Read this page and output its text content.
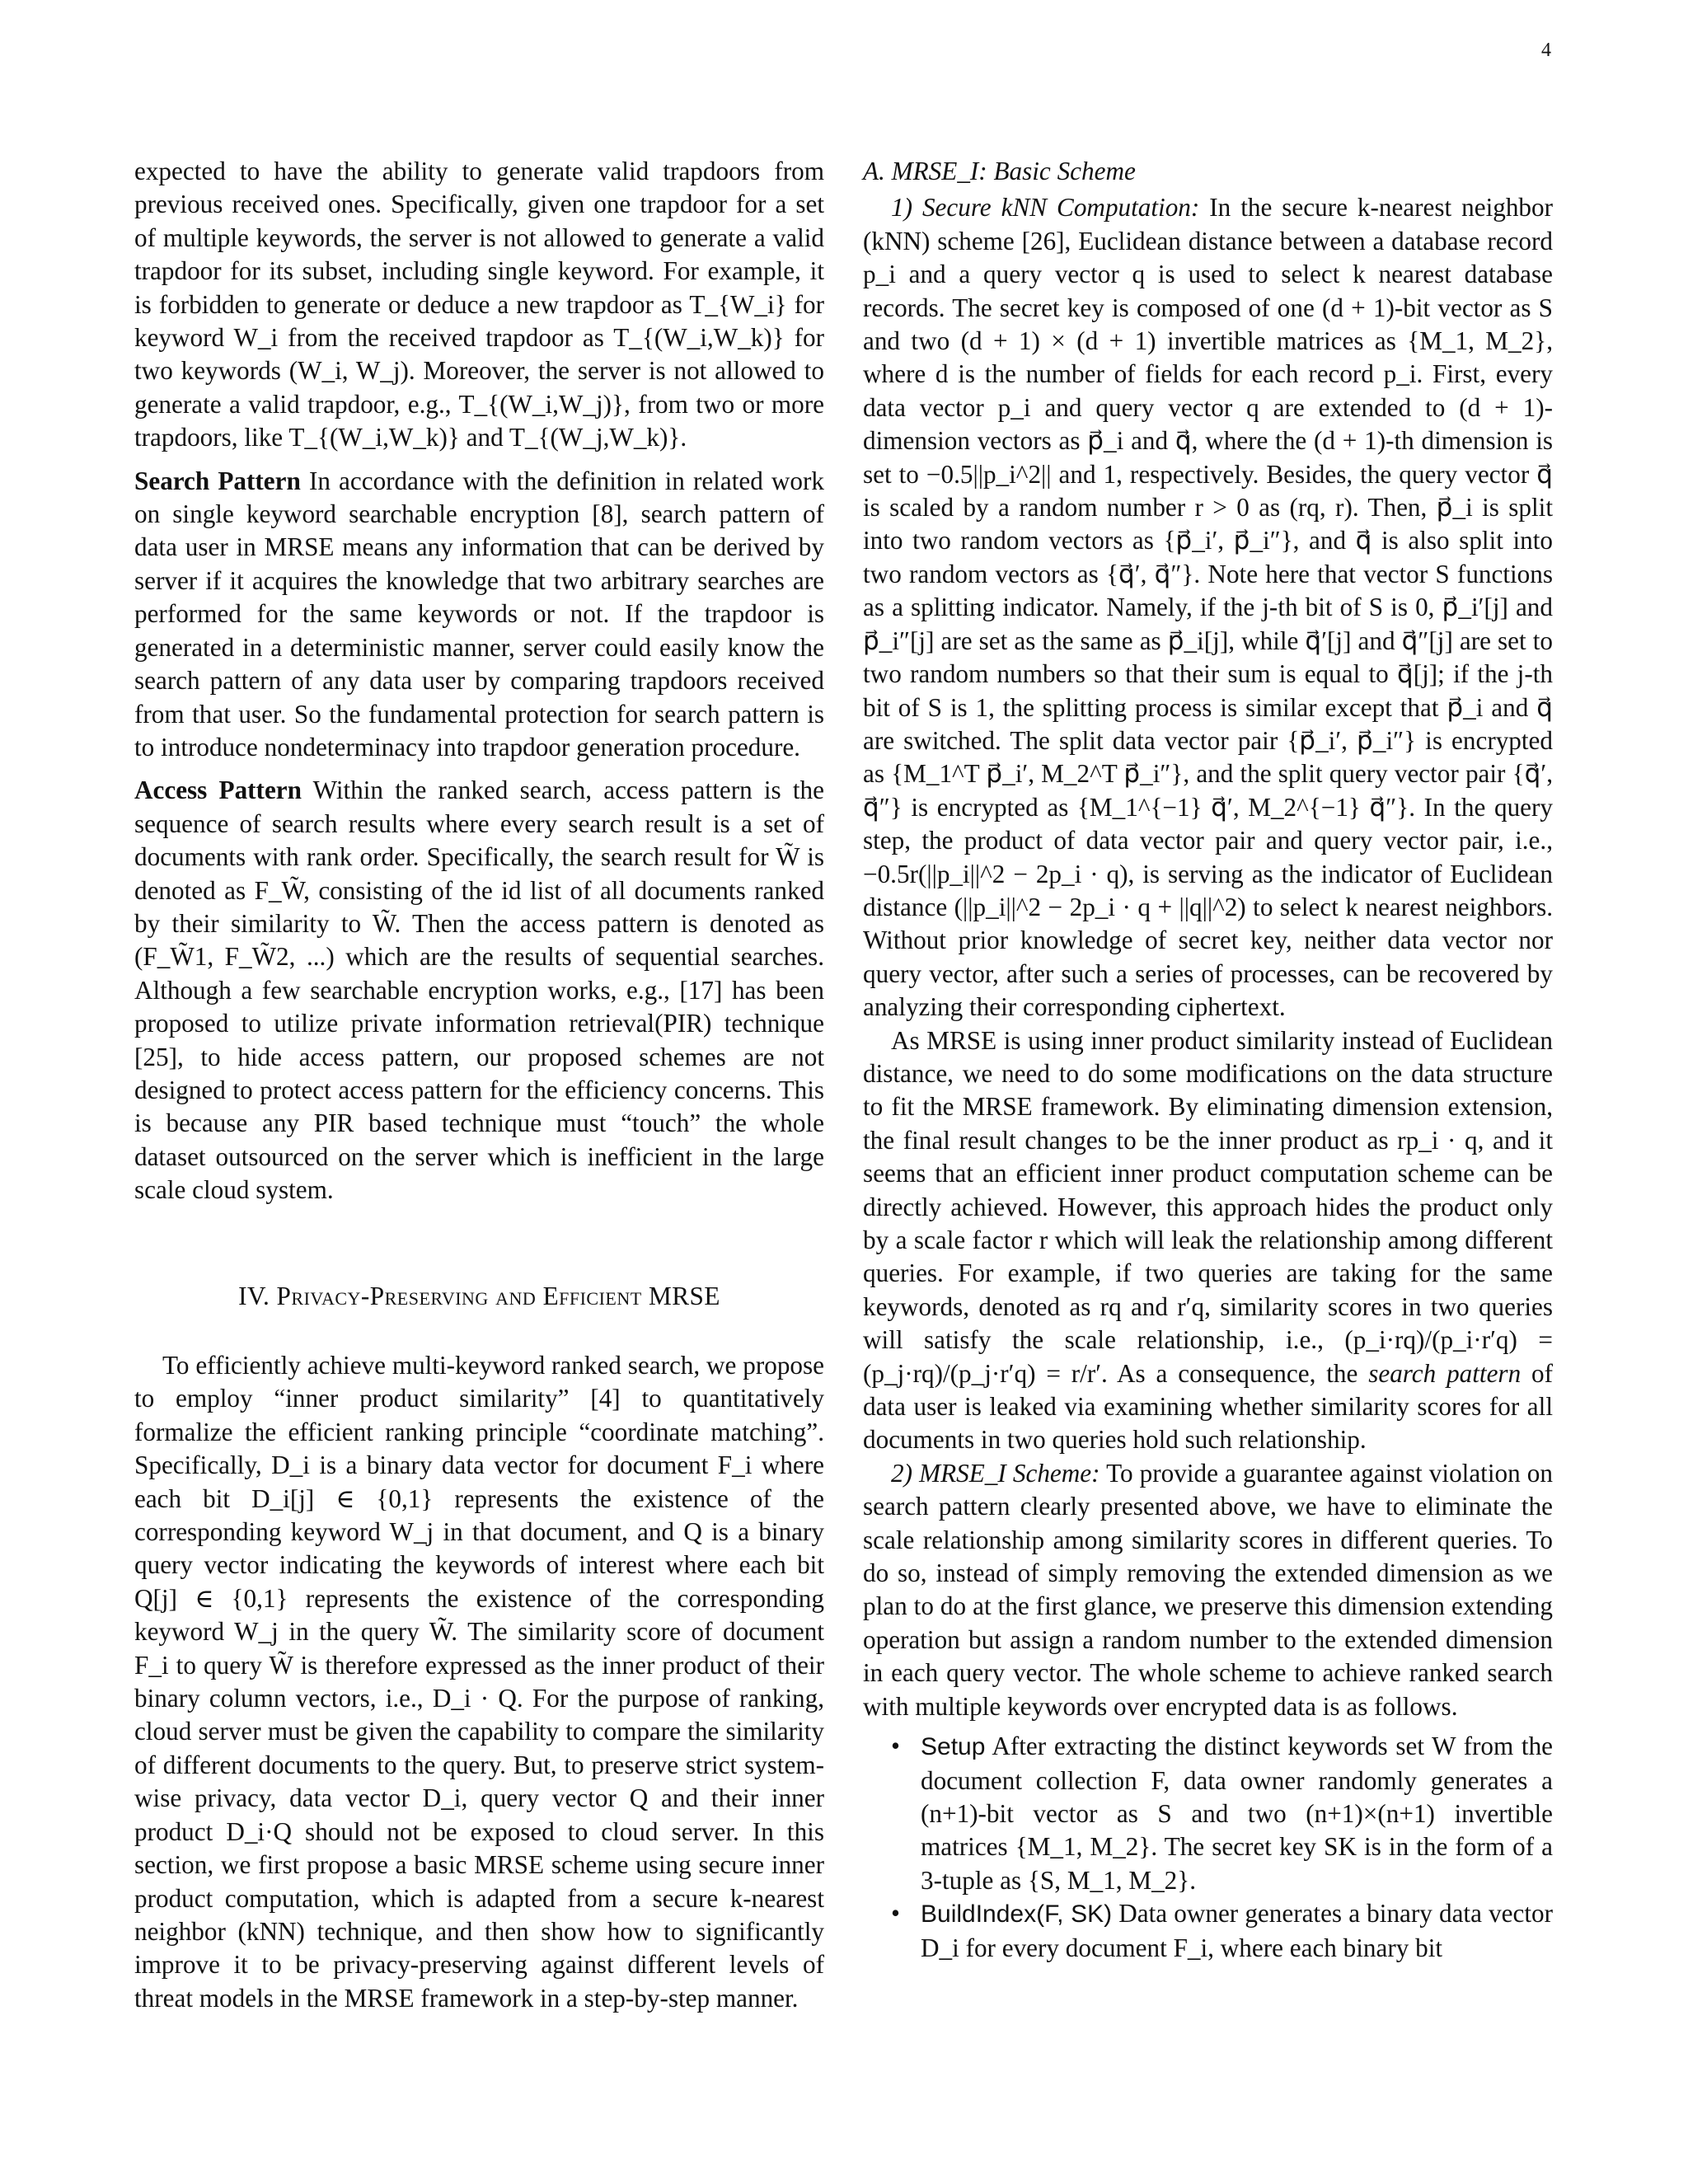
4

expected to have the ability to generate valid trapdoors from previous received ones. Specifically, given one trapdoor for a set of multiple keywords, the server is not allowed to generate a valid trapdoor for its subset, including single keyword. For example, it is forbidden to generate or deduce a new trapdoor as T_{W_i} for keyword W_i from the received trapdoor as T_{(W_i,W_k)} for two keywords (W_i, W_j). Moreover, the server is not allowed to generate a valid trapdoor, e.g., T_{(W_i,W_j)}, from two or more trapdoors, like T_{(W_i,W_k)} and T_{(W_j,W_k)}.

Search Pattern In accordance with the definition in related work on single keyword searchable encryption [8], search pattern of data user in MRSE means any information that can be derived by server if it acquires the knowledge that two arbitrary searches are performed for the same keywords or not. If the trapdoor is generated in a deterministic manner, server could easily know the search pattern of any data user by comparing trapdoors received from that user. So the fundamental protection for search pattern is to introduce nondeterminacy into trapdoor generation procedure.

Access Pattern Within the ranked search, access pattern is the sequence of search results where every search result is a set of documents with rank order. Specifically, the search result for W̃ is denoted as F_W̃, consisting of the id list of all documents ranked by their similarity to W̃. Then the access pattern is denoted as (F_W̃1, F_W̃2, ...) which are the results of sequential searches. Although a few searchable encryption works, e.g., [17] has been proposed to utilize private information retrieval(PIR) technique [25], to hide access pattern, our proposed schemes are not designed to protect access pattern for the efficiency concerns. This is because any PIR based technique must “touch” the whole dataset outsourced on the server which is inefficient in the large scale cloud system.

IV. Privacy-Preserving and Efficient MRSE

To efficiently achieve multi-keyword ranked search, we propose to employ “inner product similarity” [4] to quantitatively formalize the efficient ranking principle “coordinate matching”. Specifically, D_i is a binary data vector for document F_i where each bit D_i[j] ∈ {0,1} represents the existence of the corresponding keyword W_j in that document, and Q is a binary query vector indicating the keywords of interest where each bit Q[j] ∈ {0,1} represents the existence of the corresponding keyword W_j in the query W̃. The similarity score of document F_i to query W̃ is therefore expressed as the inner product of their binary column vectors, i.e., D_i · Q. For the purpose of ranking, cloud server must be given the capability to compare the similarity of different documents to the query. But, to preserve strict system-wise privacy, data vector D_i, query vector Q and their inner product D_i·Q should not be exposed to cloud server. In this section, we first propose a basic MRSE scheme using secure inner product computation, which is adapted from a secure k-nearest neighbor (kNN) technique, and then show how to significantly improve it to be privacy-preserving against different levels of threat models in the MRSE framework in a step-by-step manner.

A. MRSE_I: Basic Scheme

1) Secure kNN Computation: In the secure k-nearest neighbor (kNN) scheme [26], Euclidean distance between a database record p_i and a query vector q is used to select k nearest database records. The secret key is composed of one (d + 1)-bit vector as S and two (d + 1) × (d + 1) invertible matrices as {M_1, M_2}, where d is the number of fields for each record p_i. First, every data vector p_i and query vector q are extended to (d + 1)-dimension vectors as p⃗_i and q⃗, where the (d + 1)-th dimension is set to −0.5||p_i^2|| and 1, respectively. Besides, the query vector q⃗ is scaled by a random number r > 0 as (rq, r). Then, p⃗_i is split into two random vectors as {p⃗_i′, p⃗_i″}, and q⃗ is also split into two random vectors as {q⃗′, q⃗″}. Note here that vector S functions as a splitting indicator. Namely, if the j-th bit of S is 0, p⃗_i′[j] and p⃗_i″[j] are set as the same as p⃗_i[j], while q⃗′[j] and q⃗″[j] are set to two random numbers so that their sum is equal to q⃗[j]; if the j-th bit of S is 1, the splitting process is similar except that p⃗_i and q⃗ are switched. The split data vector pair {p⃗_i′, p⃗_i″} is encrypted as {M_1^T p⃗_i′, M_2^T p⃗_i″}, and the split query vector pair {q⃗′, q⃗″} is encrypted as {M_1^{−1} q⃗′, M_2^{−1} q⃗″}. In the query step, the product of data vector pair and query vector pair, i.e., −0.5r(||p_i||^2 − 2p_i · q), is serving as the indicator of Euclidean distance (||p_i||^2 − 2p_i · q + ||q||^2) to select k nearest neighbors. Without prior knowledge of secret key, neither data vector nor query vector, after such a series of processes, can be recovered by analyzing their corresponding ciphertext.

As MRSE is using inner product similarity instead of Euclidean distance, we need to do some modifications on the data structure to fit the MRSE framework. By eliminating dimension extension, the final result changes to be the inner product as rp_i · q, and it seems that an efficient inner product computation scheme can be directly achieved. However, this approach hides the product only by a scale factor r which will leak the relationship among different queries. For example, if two queries are taking for the same keywords, denoted as rq and r′q, similarity scores in two queries will satisfy the scale relationship, i.e., (p_i·rq)/(p_i·r′q) = (p_j·rq)/(p_j·r′q) = r/r′. As a consequence, the search pattern of data user is leaked via examining whether similarity scores for all documents in two queries hold such relationship.

2) MRSE_I Scheme: To provide a guarantee against violation on search pattern clearly presented above, we have to eliminate the scale relationship among similarity scores in different queries. To do so, instead of simply removing the extended dimension as we plan to do at the first glance, we preserve this dimension extending operation but assign a random number to the extended dimension in each query vector. The whole scheme to achieve ranked search with multiple keywords over encrypted data is as follows.

• Setup After extracting the distinct keywords set W from the document collection F, data owner randomly generates a (n+1)-bit vector as S and two (n+1)×(n+1) invertible matrices {M_1, M_2}. The secret key SK is in the form of a 3-tuple as {S, M_1, M_2}.
• BuildIndex(F, SK) Data owner generates a binary data vector D_i for every document F_i, where each binary bit
